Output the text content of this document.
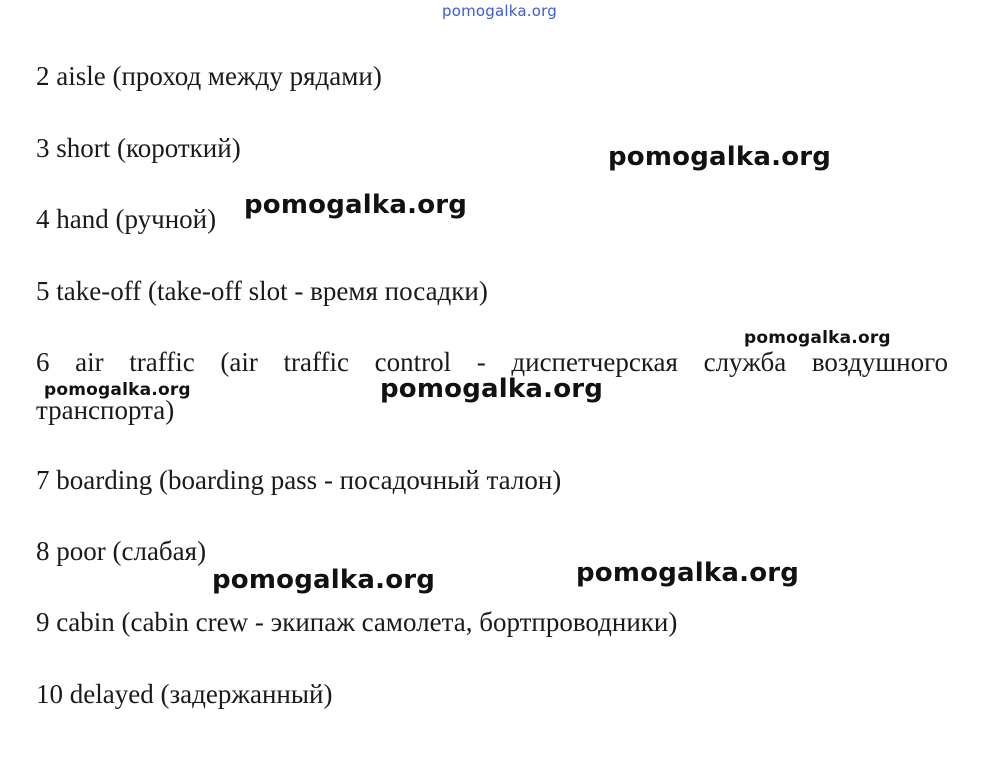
2 aisle (проход между рядами)
3 short (короткий)
4 hand (ручной)
5 take-off (take-off slot - время посадки)
6 air traffic (air traffic control - диспетчерская служба воздушного
транспорта)
7 boarding (boarding pass - посадочный талон)
8 poor (слабая)
9 cabin (cabin crew - экипаж самолета, бортпроводники)
10 delayed (задержанный)
pomogalka.org
pomogalka.org
pomogalka.org
pomogalka.org
pomogalka.org	pomogalka.org
pomogalka.org
pomogalka.org
